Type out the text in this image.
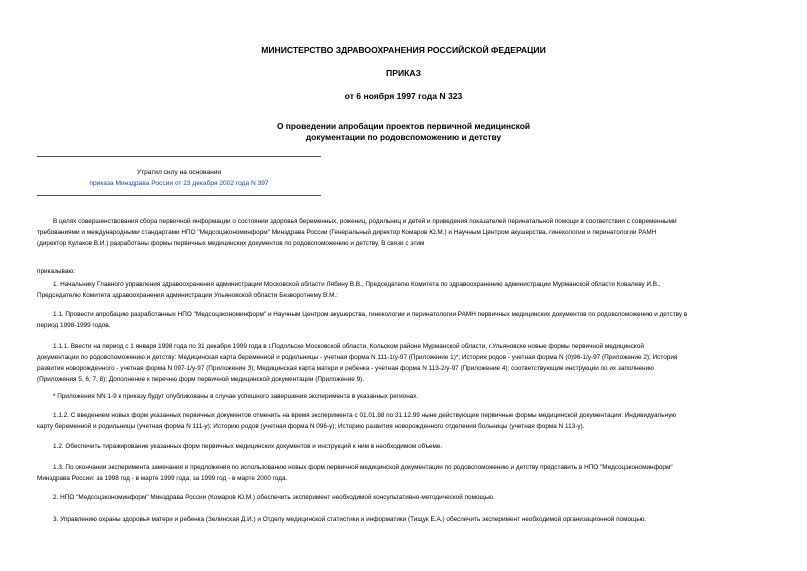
МИНИСТЕРСТВО ЗДРАВООХРАНЕНИЯ РОССИЙСКОЙ ФЕДЕРАЦИИ
ПРИКАЗ
от 6 ноября 1997 года N 323
О проведении апробации проектов первичной медицинской
документации по родовспоможению и детству
Утратил силу на основании
приказа Минздрава России от 23 декабря 2002 года N 397
В целях совершенствования сбора первичной информации о состоянии здоровья беременных, рожениц, родильниц и детей и приведения показателей перинатальной помощи в соответствии с современными
требованиями и международными стандартами НПО "Медсоцэкономинформ" Минздрава России (Генеральный директор Комаров Ю.М.) и Научным Центром акушерства, гинекологии и перинатологии РАМН
(директор Кулаков В.И.) разработаны формы первичных медицинских документов по родовспоможению и детству. В связи с этим
приказываю:
1. Начальнику Главного управления здравоохранения администрации Московской области Лябину В.В., Председателю Комитета по здравоохранению администрации Мурманской области Ковалеву И.В.,
Председателю Комитета здравоохранения администрации Ульяновской области Безворотнему В.М.:
1.1. Провести апробацию разработанных НПО "Медсоцэкономинформ" и Научным Центром акушерства, гинекологии и перинатологии РАМН первичных медицинских документов по родовспоможению и детству в
период 1998-1999 годов.
1.1.1. Ввести на период с 1 января 1998 года по 31 декабря 1999 года в г.Подольске Московской области, Кольском районе Мурманской области, г.Ульяновске новые формы первичной медицинской
документации по родовспоможению и детству: Медицинская карта беременной и родильницы - учетная форма N 111-1/у-97 (Приложение 1)*; История родов - учетная форма N (0)96-1/у-97 (Приложение 2); История
развития новорожденного - учетная форма N 097-1/у-97 (Приложение 3); Медицинская карта матери и ребенка - учетная форма N 113-2/у-97 (Приложение 4); соответствующие инструкции по их заполнению
(Приложения 5, 6, 7, 8); Дополнение к перечню форм первичной медицинской документации (Приложение 9).
* Приложения NN 1-9 к приказу будут опубликованы в случае успешного завершения эксперимента в указанных регионах.
1.1.2. С введением новых форм указанных первичных документов отменить на время эксперимента с 01.01.98 по 31.12.99 ныне действующие первичные формы медицинской документации: Индивидуальную
карту беременной и родильницы (учетная форма N 111-у); Историю родов (учетная форма N 096-у); Историю развития новорожденного отделения больницы (учетная форма N 113-у).
1.2. Обеспечить тиражирование указанных форм первичных медицинских документов и инструкций к ним в необходимом объеме.
1.3. По окончании эксперимента замечания и предложения по использованию новых форм первичной медицинской документации по родовспоможению и детству представить в НПО "Медсоцэкономинформ"
Минздрава России: за 1998 год - в марте 1999 года; за 1999 год - в марте 2000 года.
2. НПО "Медсоцэкономинформ" Минздрава России (Комаров Ю.М.) обеспечить эксперимент необходимой консультативно-методической помощью.
3. Управлению охраны здоровья матери и ребенка (Зелинская Д.И.) и Отделу медицинской статистики и информатики (Тищук Е.А.) обеспечить эксперимент необходимой организационной помощью.
